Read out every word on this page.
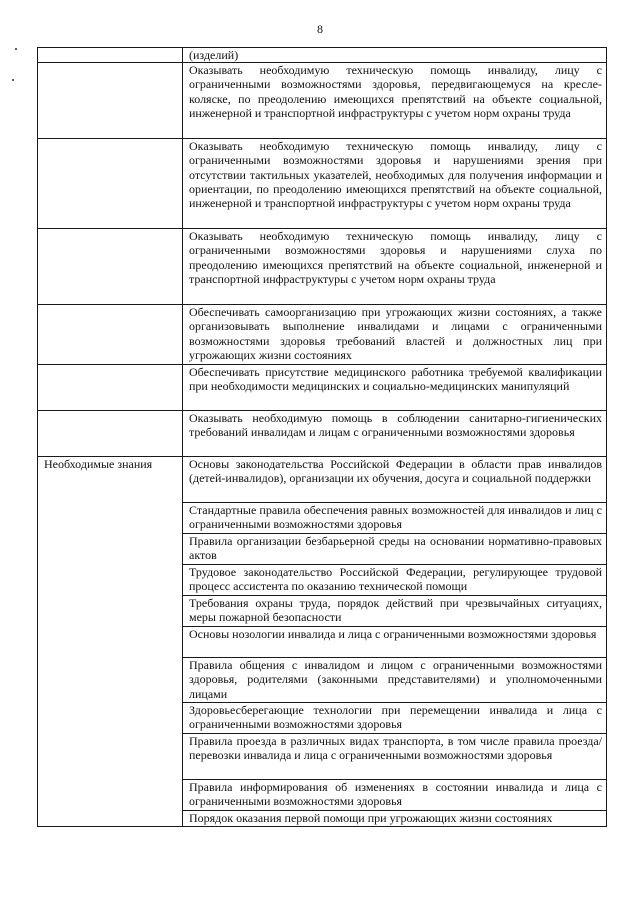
8
	(изделий)
	Оказывать необходимую техническую помощь инвалиду, лицу с ограниченными возможностями здоровья, передвигающемуся на кресле-коляске, по преодолению имеющихся препятствий на объекте социальной, инженерной и транспортной инфраструктуры с учетом норм охраны труда
	Оказывать необходимую техническую помощь инвалиду, лицу с ограниченными возможностями здоровья и нарушениями зрения при отсутствии тактильных указателей, необходимых для получения информации и ориентации, по преодолению имеющихся препятствий на объекте социальной, инженерной и транспортной инфраструктуры с учетом норм охраны труда
	Оказывать необходимую техническую помощь инвалиду, лицу с ограниченными возможностями здоровья и нарушениями слуха по преодолению имеющихся препятствий на объекте социальной, инженерной и транспортной инфраструктуры с учетом норм охраны труда
	Обеспечивать самоорганизацию при угрожающих жизни состояниях, а также организовывать выполнение инвалидами и лицами с ограниченными возможностями здоровья требований властей и должностных лиц при угрожающих жизни состояниях
	Обеспечивать присутствие медицинского работника требуемой квалификации при необходимости медицинских и социально-медицинских манипуляций
	Оказывать необходимую помощь в соблюдении санитарно-гигиенических требований инвалидам и лицам с ограниченными возможностями здоровья
Необходимые знания	Основы законодательства Российской Федерации в области прав инвалидов (детей-инвалидов), организации их обучения, досуга и социальной поддержки
	Стандартные правила обеспечения равных возможностей для инвалидов и лиц с ограниченными возможностями здоровья
	Правила организации безбарьерной среды на основании нормативно-правовых актов
	Трудовое законодательство Российской Федерации, регулирующее трудовой процесс ассистента по оказанию технической помощи
	Требования охраны труда, порядок действий при чрезвычайных ситуациях, меры пожарной безопасности
	Основы нозологии инвалида и лица с ограниченными возможностями здоровья
	Правила общения с инвалидом и лицом с ограниченными возможностями здоровья, родителями (законными представителями) и уполномоченными лицами
	Здоровьесберегающие технологии при перемещении инвалида и лица с ограниченными возможностями здоровья
	Правила проезда в различных видах транспорта, в том числе правила проезда/перевозки инвалида и лица с ограниченными возможностями здоровья
	Правила информирования об изменениях в состоянии инвалида и лица с ограниченными возможностями здоровья
	Порядок оказания первой помощи при угрожающих жизни состояниях
